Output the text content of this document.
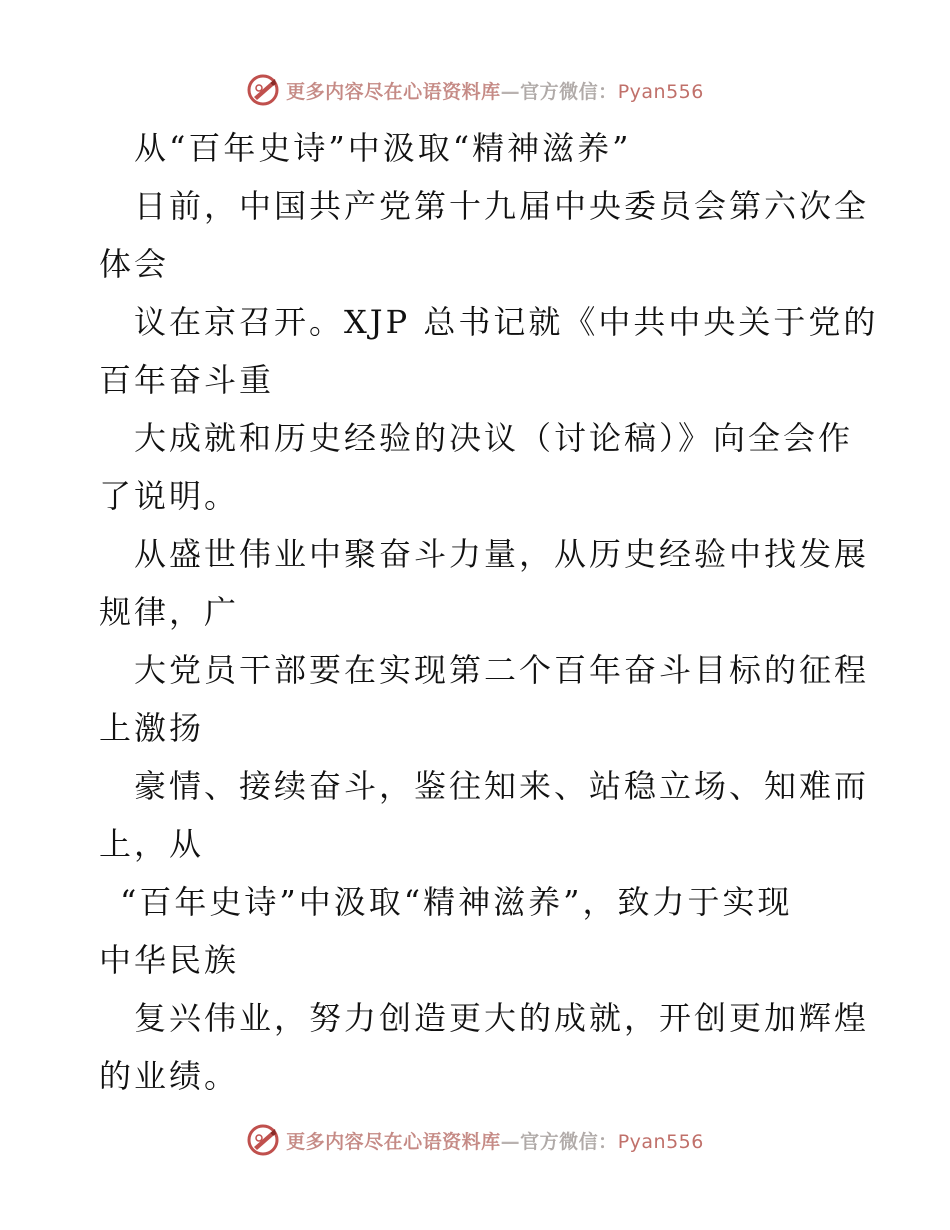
更多内容尽在心语资料库—官方微信：Pyan556
从“百年史诗”中汲取“精神滋养”
日前，中国共产党第十九届中央委员会第六次全
体会
议在京召开。XJP 总书记就《中共中央关于党的
百年奋斗重
大成就和历史经验的决议（讨论稿）》向全会作
了说明。
从盛世伟业中聚奋斗力量，从历史经验中找发展
规律，广
大党员干部要在实现第二个百年奋斗目标的征程
上激扬
豪情、接续奋斗，鉴往知来、站稳立场、知难而
上，从
“百年史诗”中汲取“精神滋养”，致力于实现
中华民族
复兴伟业，努力创造更大的成就，开创更加辉煌
的业绩。
更多内容尽在心语资料库—官方微信：Pyan556
